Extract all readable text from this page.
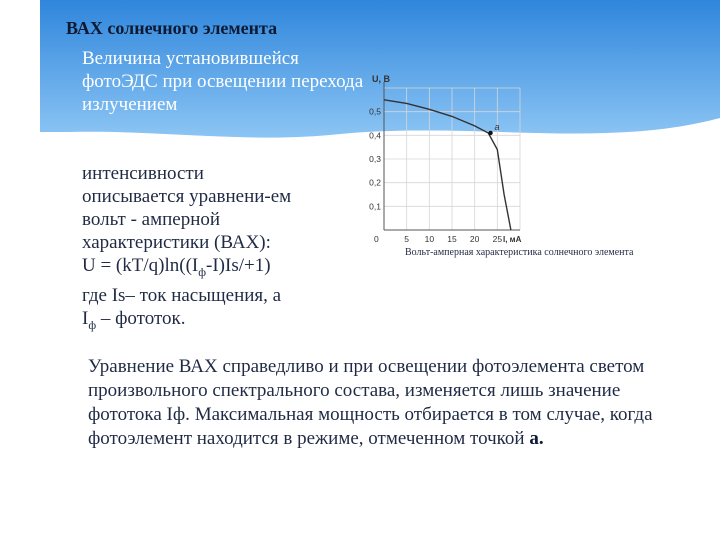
ВАХ солнечного элемента

Величина установившейся фотоЭДС при освещении перехода излучением

интенсивности
описывается уравнени-ем
вольт - амперной
характеристики (ВАХ):
$U = (kT/q)\ln((I_ф-I)Is/+1)$
где Is– ток насыщения, а
$I_ф$ – фототок.

U, В
I, мА
0,5
0,4
0,3
0,2
0,1
0	5 10 15 20 25
a

Вольт-амперная характеристика солнечного элемента

Уравнение ВАХ справедливо и при освещении фотоэлемента светом произвольного спектрального состава, изменяется лишь значение фототока Iф. Максимальная мощность отбирается в том случае, когда фотоэлемент находится в режиме, отмеченном точкой а.
